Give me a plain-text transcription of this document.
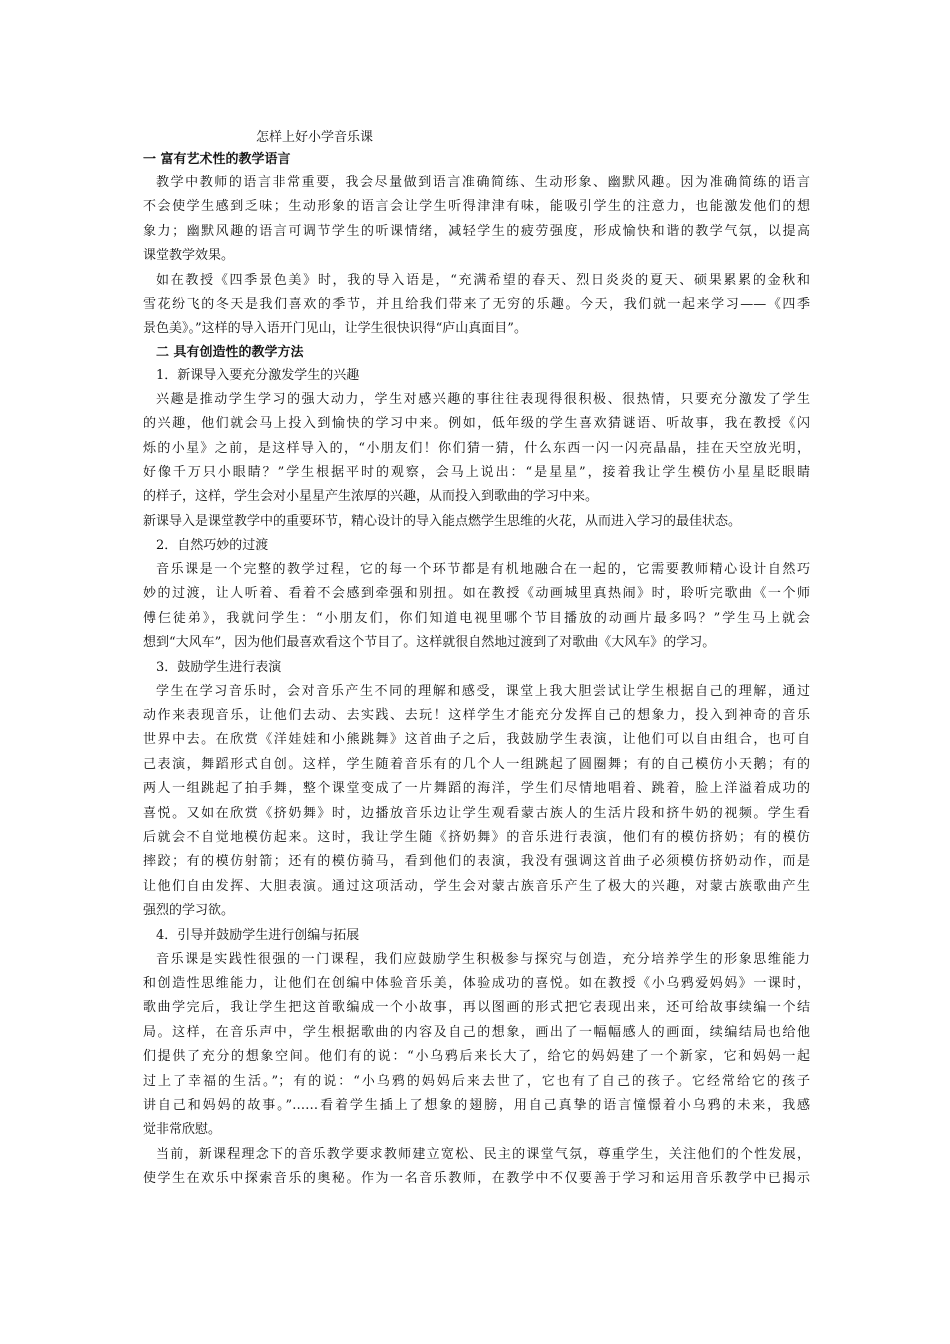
怎样上好小学音乐课
一 富有艺术性的教学语言
教学中教师的语言非常重要，我会尽量做到语言准确简练、生动形象、幽默风趣。因为准确简练的语言
不会使学生感到乏味；生动形象的语言会让学生听得津津有味，能吸引学生的注意力，也能激发他们的想
象力；幽默风趣的语言可调节学生的听课情绪，减轻学生的疲劳强度，形成愉快和谐的教学气氛，以提高
课堂教学效果。
如在教授《四季景色美》时，我的导入语是，“充满希望的春天、烈日炎炎的夏天、硕果累累的金秋和
雪花纷飞的冬天是我们喜欢的季节，并且给我们带来了无穷的乐趣。今天，我们就一起来学习——《四季
景色美》。”这样的导入语开门见山，让学生很快识得“庐山真面目”。
二 具有创造性的教学方法
1．新课导入要充分激发学生的兴趣
兴趣是推动学生学习的强大动力，学生对感兴趣的事往往表现得很积极、很热情，只要充分激发了学生
的兴趣，他们就会马上投入到愉快的学习中来。例如，低年级的学生喜欢猜谜语、听故事，我在教授《闪
烁的小星》之前，是这样导入的，“小朋友们！你们猜一猜，什么东西一闪一闪亮晶晶，挂在天空放光明，
好像千万只小眼睛？”学生根据平时的观察，会马上说出：“是星星”，接着我让学生模仿小星星眨眼睛
的样子，这样，学生会对小星星产生浓厚的兴趣，从而投入到歌曲的学习中来。
新课导入是课堂教学中的重要环节，精心设计的导入能点燃学生思维的火花，从而进入学习的最佳状态。
2．自然巧妙的过渡
音乐课是一个完整的教学过程，它的每一个环节都是有机地融合在一起的，它需要教师精心设计自然巧
妙的过渡，让人听着、看着不会感到牵强和别扭。如在教授《动画城里真热闹》时，聆听完歌曲《一个师
傅仨徒弟》，我就问学生：“小朋友们，你们知道电视里哪个节目播放的动画片最多吗？”学生马上就会
想到“大风车”，因为他们最喜欢看这个节目了。这样就很自然地过渡到了对歌曲《大风车》的学习。
3．鼓励学生进行表演
学生在学习音乐时，会对音乐产生不同的理解和感受，课堂上我大胆尝试让学生根据自己的理解，通过
动作来表现音乐，让他们去动、去实践、去玩！这样学生才能充分发挥自己的想象力，投入到神奇的音乐
世界中去。在欣赏《洋娃娃和小熊跳舞》这首曲子之后，我鼓励学生表演，让他们可以自由组合，也可自
己表演，舞蹈形式自创。这样，学生随着音乐有的几个人一组跳起了圆圈舞；有的自己模仿小天鹅；有的
两人一组跳起了拍手舞，整个课堂变成了一片舞蹈的海洋，学生们尽情地唱着、跳着，脸上洋溢着成功的
喜悦。又如在欣赏《挤奶舞》时，边播放音乐边让学生观看蒙古族人的生活片段和挤牛奶的视频。学生看
后就会不自觉地模仿起来。这时，我让学生随《挤奶舞》的音乐进行表演，他们有的模仿挤奶；有的模仿
摔跤；有的模仿射箭；还有的模仿骑马，看到他们的表演，我没有强调这首曲子必须模仿挤奶动作，而是
让他们自由发挥、大胆表演。通过这项活动，学生会对蒙古族音乐产生了极大的兴趣，对蒙古族歌曲产生
强烈的学习欲。
4．引导并鼓励学生进行创编与拓展
音乐课是实践性很强的一门课程，我们应鼓励学生积极参与探究与创造，充分培养学生的形象思维能力
和创造性思维能力，让他们在创编中体验音乐美，体验成功的喜悦。如在教授《小乌鸦爱妈妈》一课时，
歌曲学完后，我让学生把这首歌编成一个小故事，再以图画的形式把它表现出来，还可给故事续编一个结
局。这样，在音乐声中，学生根据歌曲的内容及自己的想象，画出了一幅幅感人的画面，续编结局也给他
们提供了充分的想象空间。他们有的说：“小乌鸦后来长大了，给它的妈妈建了一个新家，它和妈妈一起
过上了幸福的生活。”；有的说：“小乌鸦的妈妈后来去世了，它也有了自己的孩子。它经常给它的孩子
讲自己和妈妈的故事。”……看着学生插上了想象的翅膀，用自己真挚的语言憧憬着小乌鸦的未来，我感
觉非常欣慰。
当前，新课程理念下的音乐教学要求教师建立宽松、民主的课堂气氛，尊重学生，关注他们的个性发展，
使学生在欢乐中探索音乐的奥秘。作为一名音乐教师，在教学中不仅要善于学习和运用音乐教学中已揭示
